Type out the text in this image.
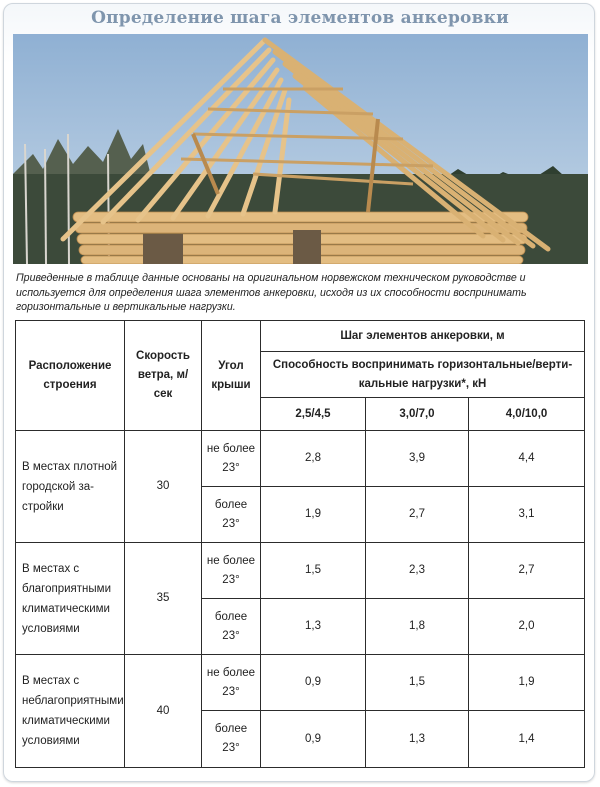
Определение шага элементов анкеровки
Приведенные в таблице данные основаны на оригинальном норвежском техническом руководстве и используется для определения шага элементов анкеровки, исходя из их способности воспринимать горизонтальные и вертикальные нагрузки.
Расположение строения	Скорость ветра, м/сек	Угол крыши	Шаг элементов анкеровки, м		
			Способность воспринимать горизонтальные/верти-кальные нагрузки*, кН		
			2,5/4,5	3,0/7,0	4,0/10,0
В местах плотной городской за-стройки	30	не более 23°	2,8	3,9	4,4
		более 23°	1,9	2,7	3,1
В местах с благоприятными климатическими условиями	35	не более 23°	1,5	2,3	2,7
		более 23°	1,3	1,8	2,0
В местах с неблагоприятными климатическими условиями	40	не более 23°	0,9	1,5	1,9
		более 23°	0,9	1,3	1,4
